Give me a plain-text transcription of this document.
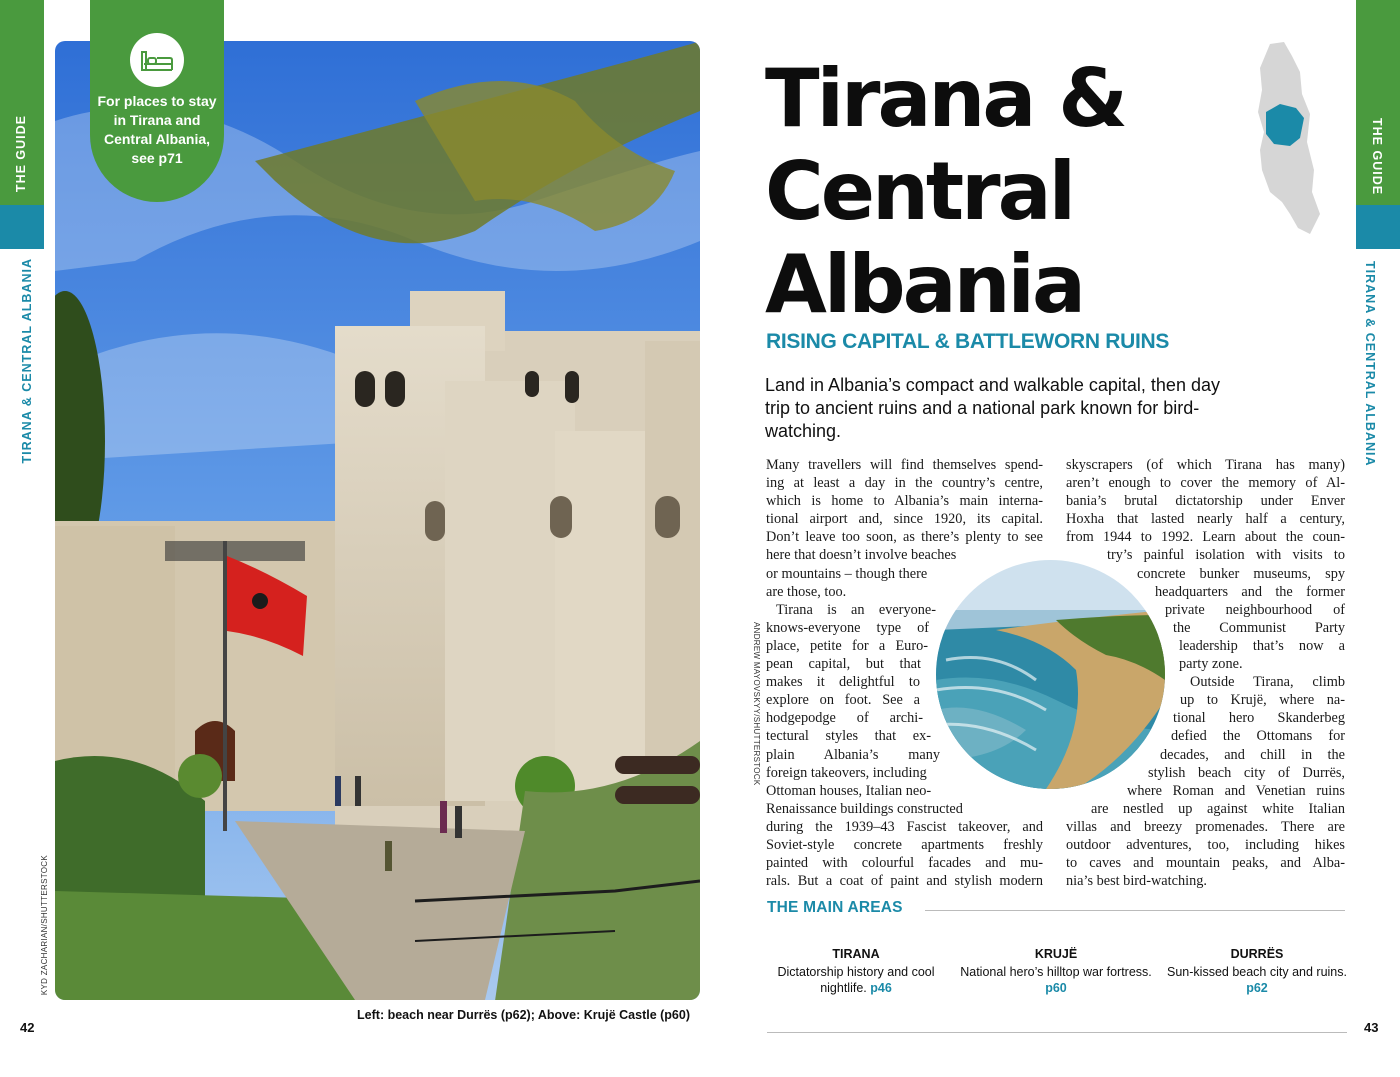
THE GUIDE
TIRANA & CENTRAL ALBANIA
KYD ZACHARIAN/SHUTTERSTOCK
For places to stay in Tirana and Central Albania, see p71
Left: beach near Durrës (p62); Above: Krujë Castle (p60)
42
Tirana &
Central
Albania
RISING CAPITAL & BATTLEWORN RUINS
Land in Albania’s compact and walkable capital, then day trip to ancient ruins and a national park known for bird-watching.
Many travellers will find themselves spend-
ing at least a day in the country’s centre,
which is home to Albania’s main interna-
tional airport and, since 1920, its capital.
Don’t leave too soon, as there’s plenty to see
here that doesn’t involve beaches
or mountains – though there
are those, too.
Tirana is an everyone-
knows-everyone type of
place, petite for a Euro-
pean capital, but that
makes it delightful to
explore on foot. See a
hodgepodge of archi-
tectural styles that ex-
plain Albania’s many
foreign takeovers, including
Ottoman houses, Italian neo-
Renaissance buildings constructed
during the 1939–43 Fascist takeover, and
Soviet-style concrete apartments freshly
painted with colourful facades and mu-
rals. But a coat of paint and stylish modern
skyscrapers (of which Tirana has many)
aren’t enough to cover the memory of Al-
bania’s brutal dictatorship under Enver
Hoxha that lasted nearly half a century,
from 1944 to 1992. Learn about the coun-
try’s painful isolation with visits to
concrete bunker museums, spy
headquarters and the former
private neighbourhood of
the Communist Party
leadership that’s now a
party zone.
Outside Tirana, climb
up to Krujë, where na-
tional hero Skanderbeg
defied the Ottomans for
decades, and chill in the
stylish beach city of Durrës,
where Roman and Venetian ruins
are nestled up against white Italian
villas and breezy promenades. There are
outdoor adventures, too, including hikes
to caves and mountain peaks, and Alba-
nia’s best bird-watching.
ANDREW MAYOVSKYY/SHUTTERSTOCK
THE GUIDE
TIRANA & CENTRAL ALBANIA
THE MAIN AREAS
TIRANA
Dictatorship history and cool nightlife. p46
KRUJË
National hero’s hilltop war fortress. p60
DURRËS
Sun-kissed beach city and ruins. p62
43
